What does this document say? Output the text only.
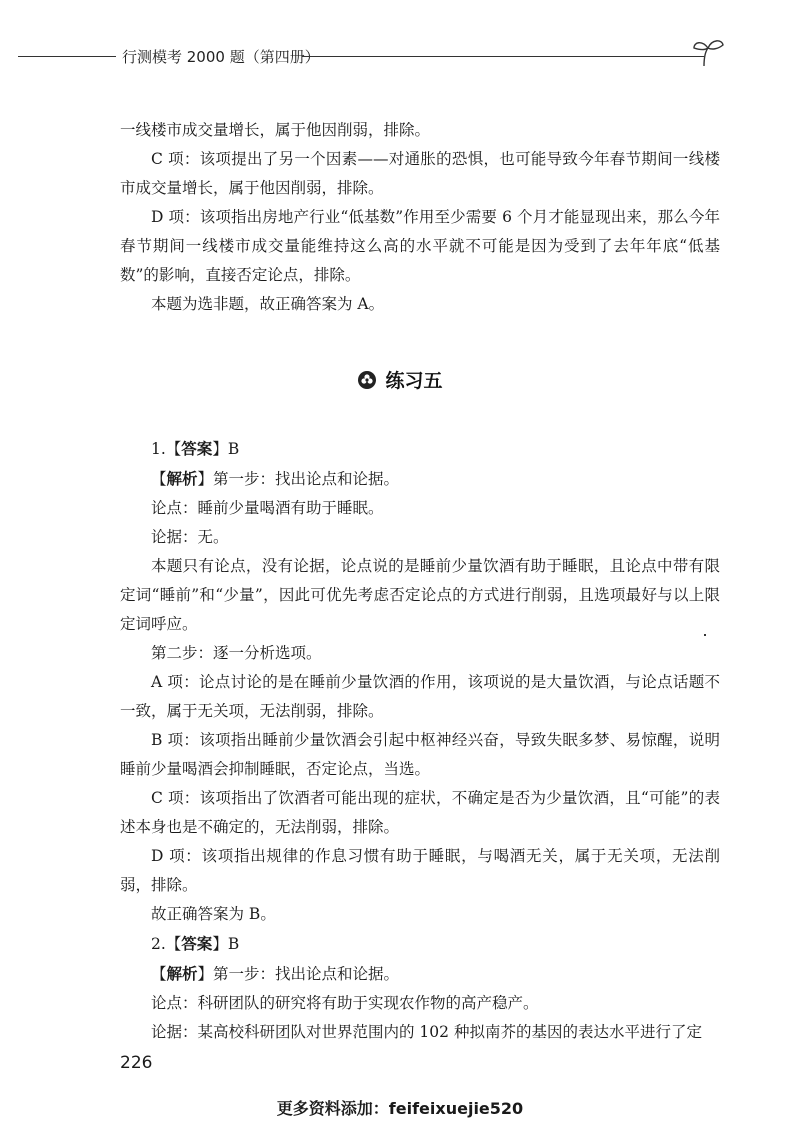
行测模考 2000 题（第四册）

一线楼市成交量增长，属于他因削弱，排除。

C 项：该项提出了另一个因素——对通胀的恐惧，也可能导致今年春节期间一线楼市成交量增长，属于他因削弱，排除。

D 项：该项指出房地产行业“低基数”作用至少需要 6 个月才能显现出来，那么今年春节期间一线楼市成交量能维持这么高的水平就不可能是因为受到了去年年底“低基数”的影响，直接否定论点，排除。

本题为选非题，故正确答案为 A。

练习五

1.【答案】B

【解析】第一步：找出论点和论据。

论点：睡前少量喝酒有助于睡眠。

论据：无。

本题只有论点，没有论据，论点说的是睡前少量饮酒有助于睡眠，且论点中带有限定词“睡前”和“少量”，因此可优先考虑否定论点的方式进行削弱，且选项最好与以上限定词呼应。

第二步：逐一分析选项。

A 项：论点讨论的是在睡前少量饮酒的作用，该项说的是大量饮酒，与论点话题不一致，属于无关项，无法削弱，排除。

B 项：该项指出睡前少量饮酒会引起中枢神经兴奋，导致失眠多梦、易惊醒，说明睡前少量喝酒会抑制睡眠，否定论点，当选。

C 项：该项指出了饮酒者可能出现的症状，不确定是否为少量饮酒，且“可能”的表述本身也是不确定的，无法削弱，排除。

D 项：该项指出规律的作息习惯有助于睡眠，与喝酒无关，属于无关项，无法削弱，排除。

故正确答案为 B。

2.【答案】B

【解析】第一步：找出论点和论据。

论点：科研团队的研究将有助于实现农作物的高产稳产。

论据：某高校科研团队对世界范围内的 102 种拟南芥的基因的表达水平进行了定

226
更多资料添加：feifeixuejie520
